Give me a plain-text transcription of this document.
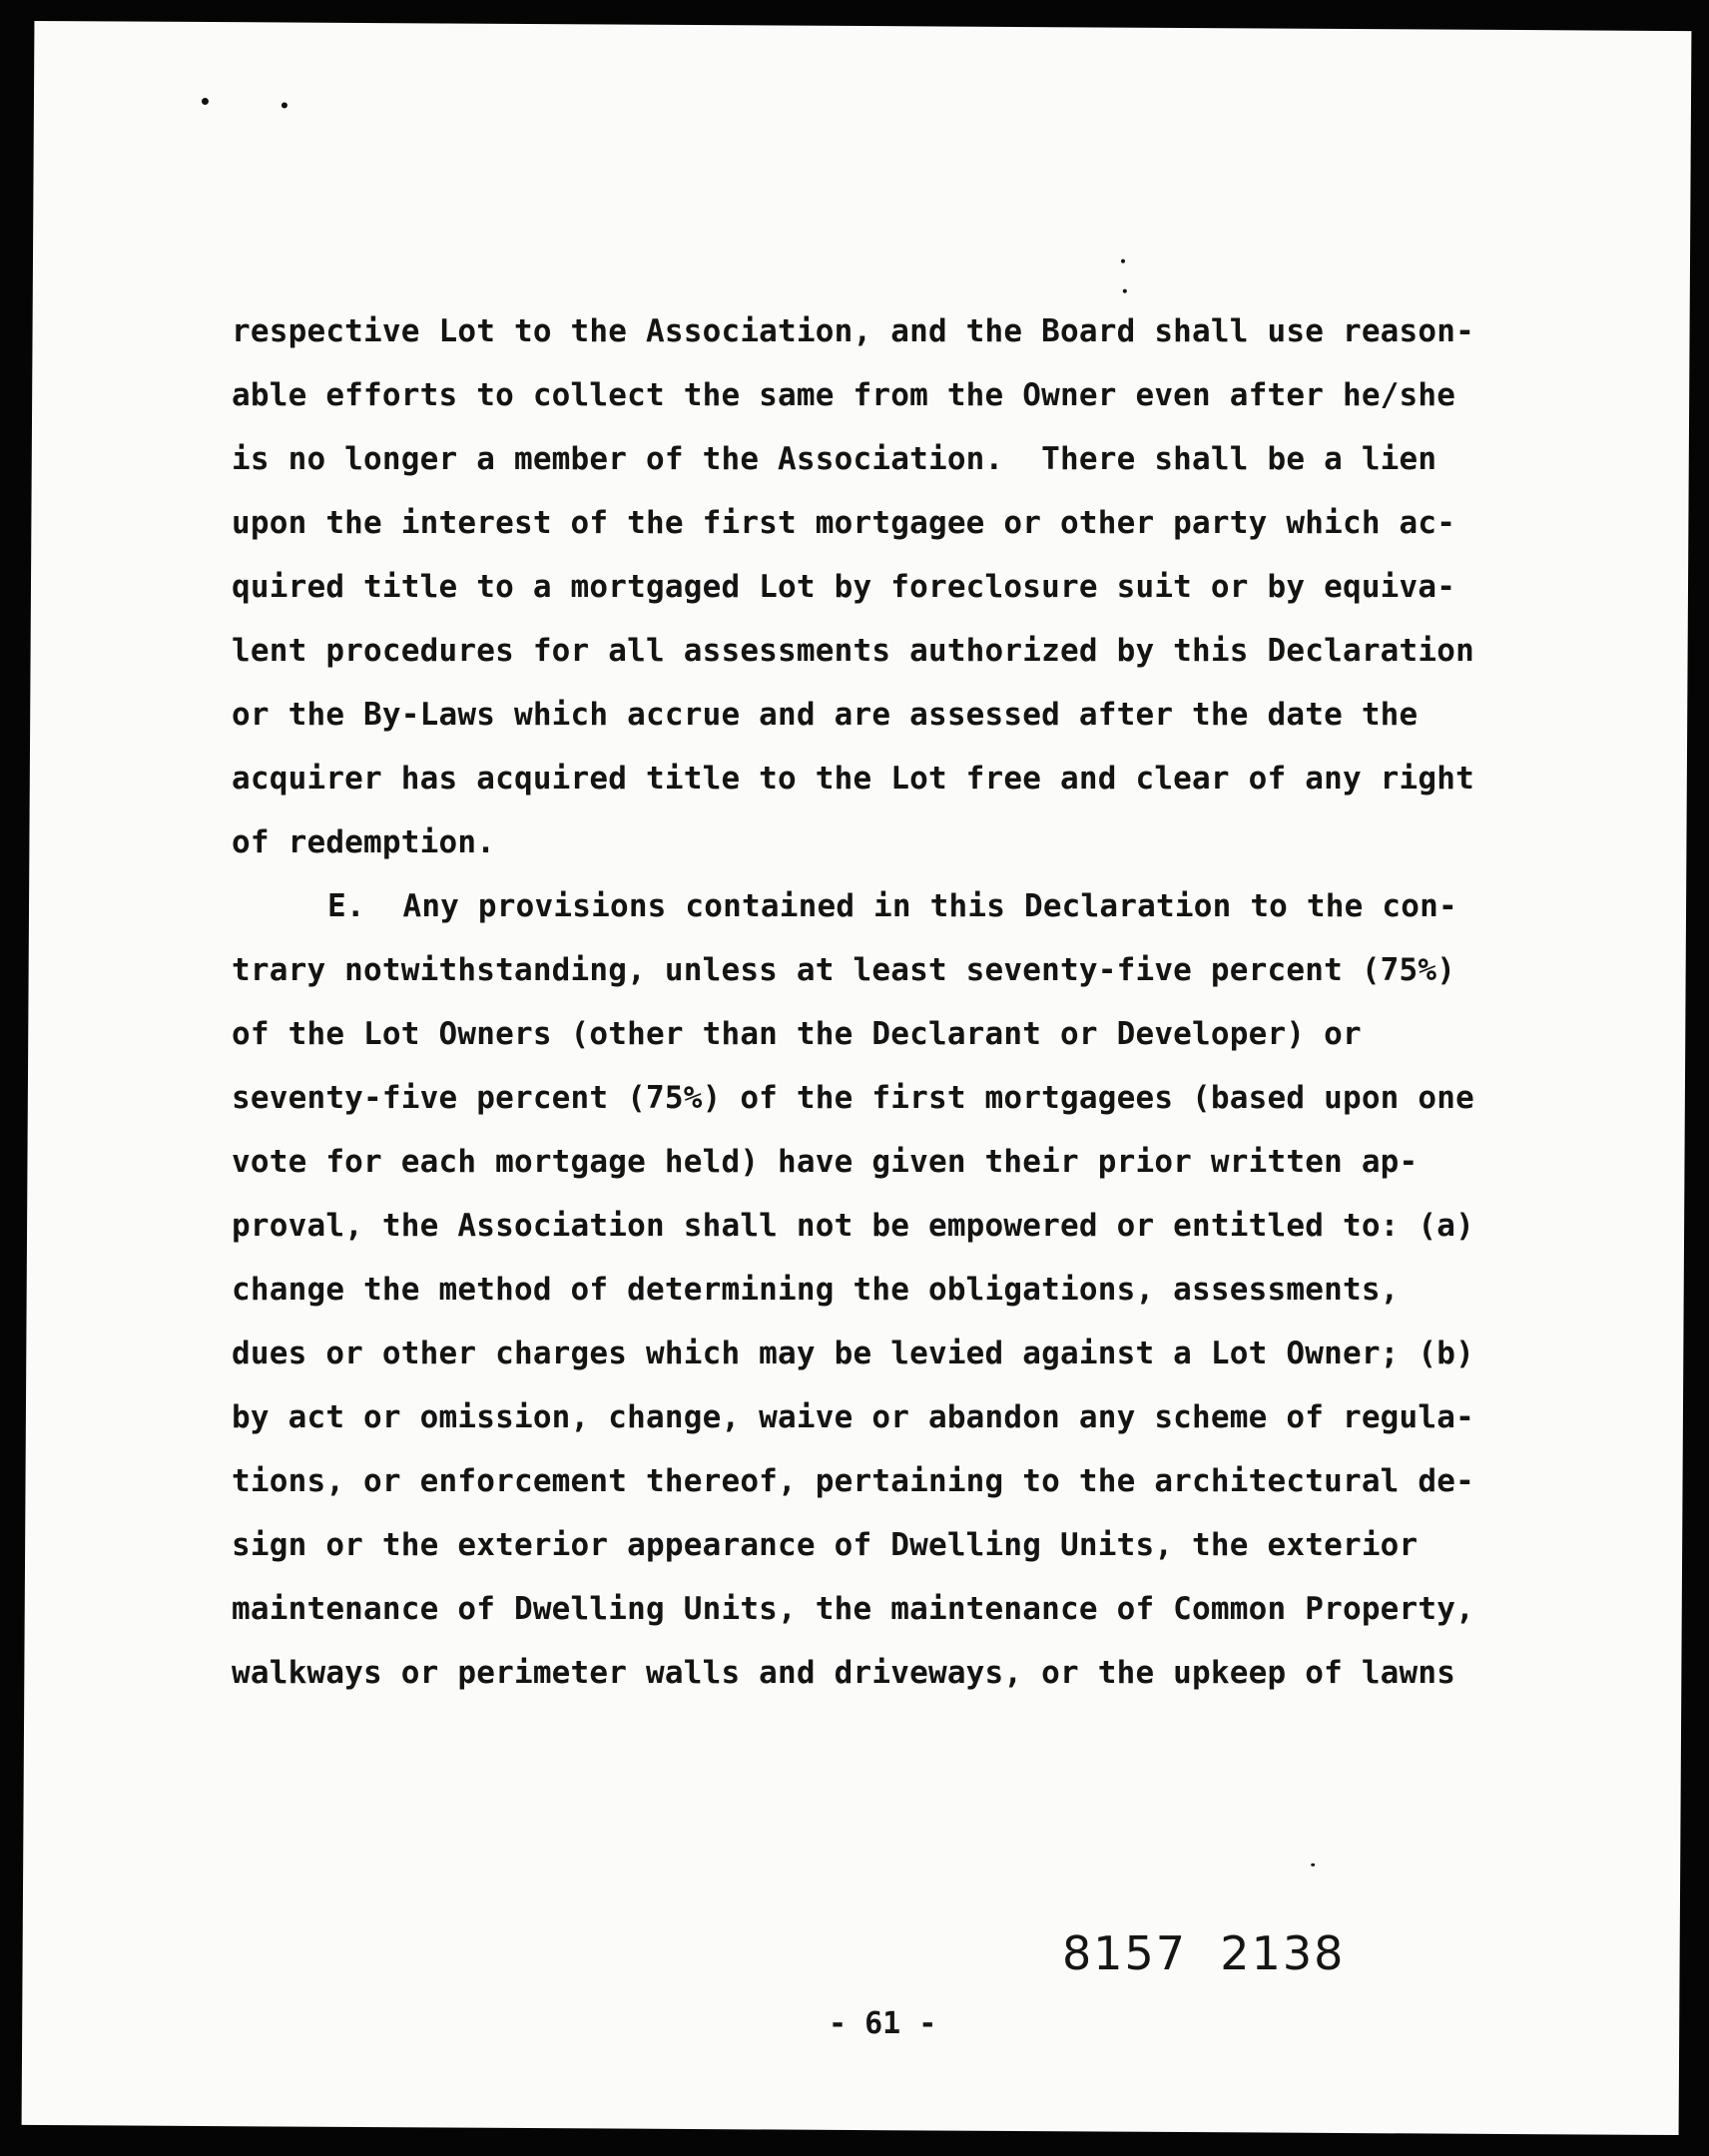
respective Lot to the Association, and the Board shall use reason-
able efforts to collect the same from the Owner even after he/she
is no longer a member of the Association.  There shall be a lien
upon the interest of the first mortgagee or other party which ac-
quired title to a mortgaged Lot by foreclosure suit or by equiva-
lent procedures for all assessments authorized by this Declaration
or the By-Laws which accrue and are assessed after the date the
acquirer has acquired title to the Lot free and clear of any right
of redemption.
E.  Any provisions contained in this Declaration to the con-
trary notwithstanding, unless at least seventy-five percent (75%)
of the Lot Owners (other than the Declarant or Developer) or
seventy-five percent (75%) of the first mortgagees (based upon one
vote for each mortgage held) have given their prior written ap-
proval, the Association shall not be empowered or entitled to: (a)
change the method of determining the obligations, assessments,
dues or other charges which may be levied against a Lot Owner; (b)
by act or omission, change, waive or abandon any scheme of regula-
tions, or enforcement thereof, pertaining to the architectural de-
sign or the exterior appearance of Dwelling Units, the exterior
maintenance of Dwelling Units, the maintenance of Common Property,
walkways or perimeter walls and driveways, or the upkeep of lawns
8157  2138
- 61 -
